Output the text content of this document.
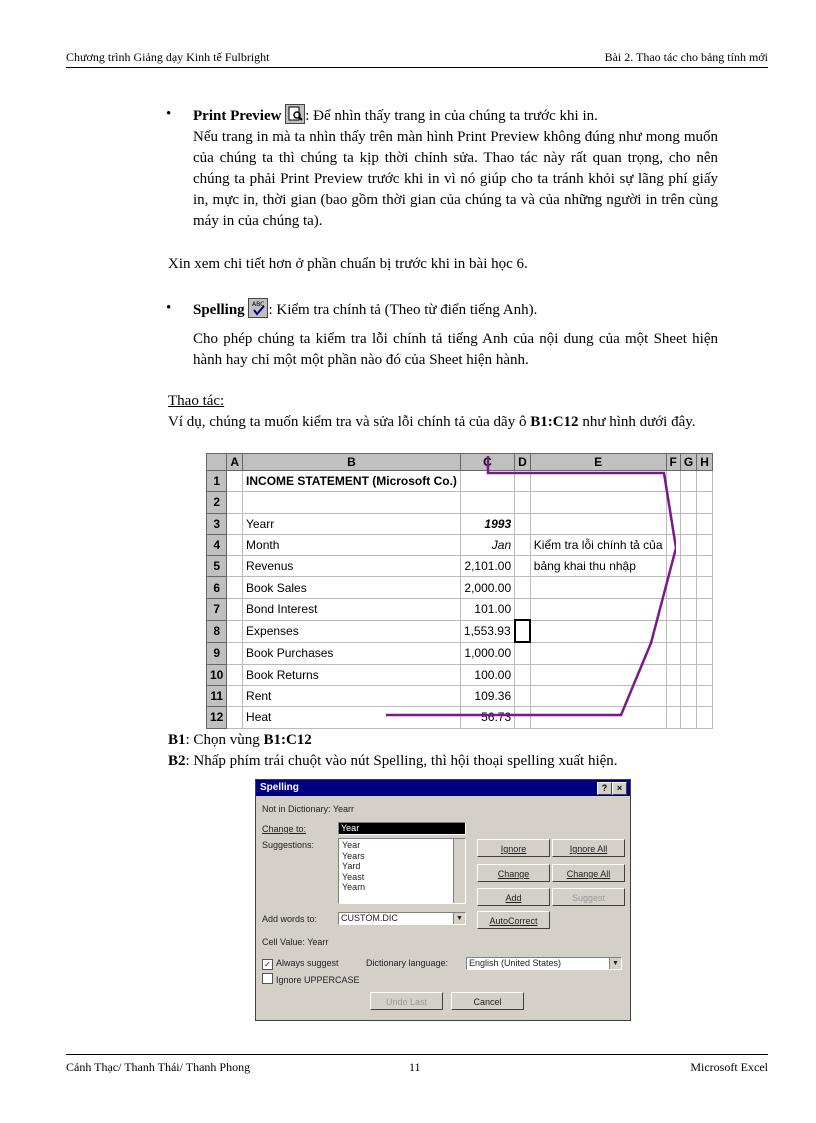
Chương trình Giảng dạy Kinh tế Fulbright	Bài 2. Thao tác cho bảng tính mới
•	Print Preview : Để nhìn thấy trang in của chúng ta trước khi in.
Nếu trang in mà ta nhìn thấy trên màn hình Print Preview không đúng như mong muốn của chúng ta thì chúng ta kịp thời chỉnh sửa. Thao tác này rất quan trọng, cho nên chúng ta phải Print Preview trước khi in vì nó giúp cho ta tránh khỏi sự lãng phí giấy in, mực in, thời gian (bao gồm thời gian của chúng ta và của những người in trên cùng máy in của chúng ta).
Xin xem chi tiết hơn ở phần chuẩn bị trước khi in bài học 6.
•	Spelling ABC : Kiểm tra chính tả (Theo từ điển tiếng Anh).
Cho phép chúng ta kiểm tra lỗi chính tả tiếng Anh của nội dung của một Sheet hiện hành hay chỉ một một phần nào đó của Sheet hiện hành.
Thao tác:
Ví dụ, chúng ta muốn kiểm tra và sửa lỗi chính tả của dãy ô B1:C12 như hình dưới đây.
	A	B	C	D	E	F	G	H
1		INCOME STATEMENT (Microsoft Co.)						
2								
3		Yearr	1993					
4		Month	Jan		Kiểm tra lỗi chính tả của			
5		Revenus	2,101.00		bảng khai thu nhập			
6		Book Sales	2,000.00					
7		Bond Interest	101.00					
8		Expenses	1,553.93					
9		Book Purchases	1,000.00					
10		Book Returns	100.00					
11		Rent	109.36					
12		Heat	56.73					
B1: Chọn vùng B1:C12
B2: Nhấp phím trái chuột vào nút Spelling, thì hội thoại spelling xuất hiện.
Spelling	?	×
Not in Dictionary: Yearr
Change to:	Year
Suggestions:	Year
Years
Yard
Yeast
Yearn
Ignore	Ignore All
Change	Change All
Add	Suggest
Add words to:	CUSTOM.DIC	▼	AutoCorrect
Cell Value: Yearr
✓ Always suggest	Dictionary language:	English (United States)	▼
Ignore UPPERCASE
Undo Last	Cancel
Cảnh Thạc/ Thanh Thái/ Thanh Phong	11	Microsoft Excel
